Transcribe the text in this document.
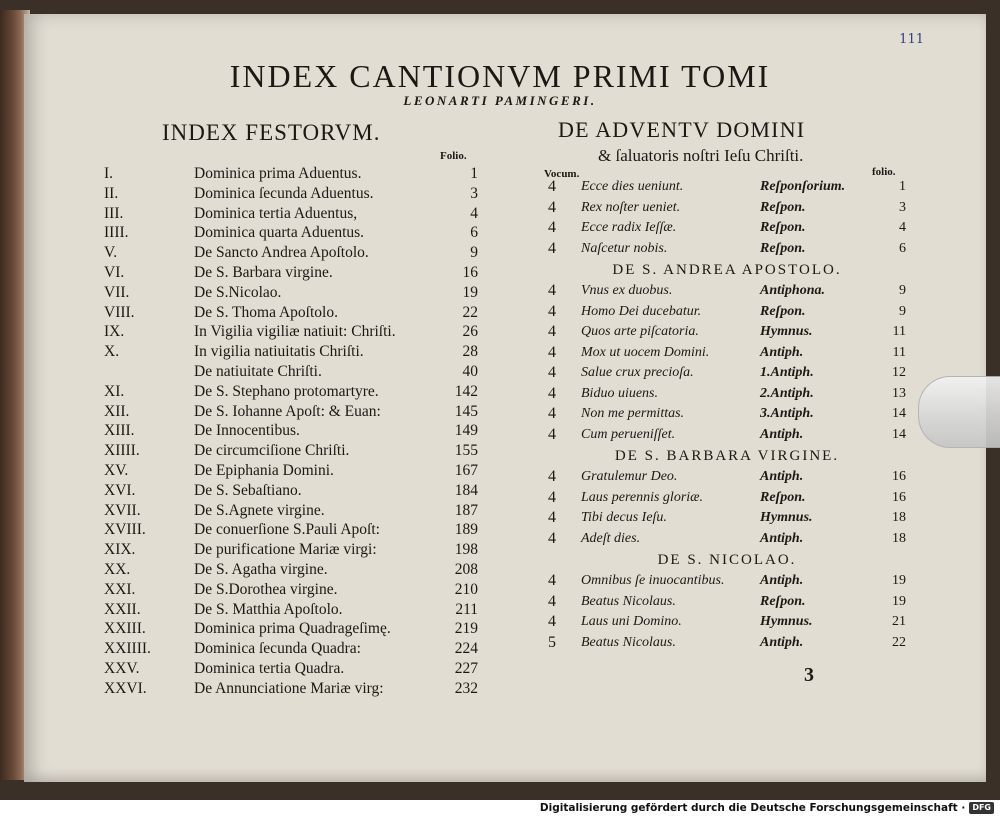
111
INDEX CANTIONVM PRIMI TOMI
LEONARTI PAMINGERI.
INDEX FESTORVM.
Folio.
I.	Dominica prima Aduentus.	1
II.	Dominica ſecunda Aduentus.	3
III.	Dominica tertia Aduentus,	4
IIII.	Dominica quarta Aduentus.	6
V.	De Sancto Andrea Apoſtolo.	9
VI.	De S. Barbara virgine.	16
VII.	De S.Nicolao.	19
VIII.	De S. Thoma Apoſtolo.	22
IX.	In Vigilia vigiliæ natiuit: Chriſti.	26
X.	In vigilia natiuitatis Chriſti.	28
De natiuitate Chriſti.	40
XI.	De S. Stephano protomartyre.	142
XII.	De S. Iohanne Apoſt: & Euan:	145
XIII.	De Innocentibus.	149
XIIII.	De circumciſione Chriſti.	155
XV.	De Epiphania Domini.	167
XVI.	De S. Sebaſtiano.	184
XVII.	De S.Agnete virgine.	187
XVIII.	De conuerſione S.Pauli Apoſt:	189
XIX.	De purificatione Mariæ virgi:	198
XX.	De S. Agatha virgine.	208
XXI.	De S.Dorothea virgine.	210
XXII.	De S. Matthia Apoſtolo.	211
XXIII.	Dominica prima Quadrageſimę.	219
XXIIII.	Dominica ſecunda Quadra:	224
XXV.	Dominica tertia Quadra.	227
XXVI.	De Annunciatione Mariæ virg:	232
DE ADVENTV DOMINI
& ſaluatoris noſtri Ieſu Chriſti.
Vocum.	folio.
4 Ecce dies ueniunt.	Reſponſorium.	1
4 Rex noſter ueniet.	Reſpon.	3
4 Ecce radix Ieſſæ.	Reſpon.	4
4 Naſcetur nobis.	Reſpon.	6
DE S. ANDREA APOSTOLO.
4 Vnus ex duobus.	Antiphona.	9
4 Homo Dei ducebatur.	Reſpon.	9
4 Quos arte piſcatoria.	Hymnus.	11
4 Mox ut uocem Domini.	Antiph.	11
4 Salue crux precioſa.	1.Antiph.	12
4 Biduo uiuens.	2.Antiph.	13
4 Non me permittas.	3.Antiph.	14
4 Cum perueniſſet.	Antiph.	14
DE S. BARBARA VIRGINE.
4 Gratulemur Deo.	Antiph.	16
4 Laus perennis gloriæ.	Reſpon.	16
4 Tibi decus Ieſu.	Hymnus.	18
4 Adeſt dies.	Antiph.	18
DE S. NICOLAO.
4 Omnibus ſe inuocantibus.	Antiph.	19
4 Beatus Nicolaus.	Reſpon.	19
4 Laus uni Domino.	Hymnus.	21
5 Beatus Nicolaus.	Antiph.	22
3
Digitalisierung gefördert durch die Deutsche Forschungsgemeinschaft · DFG
